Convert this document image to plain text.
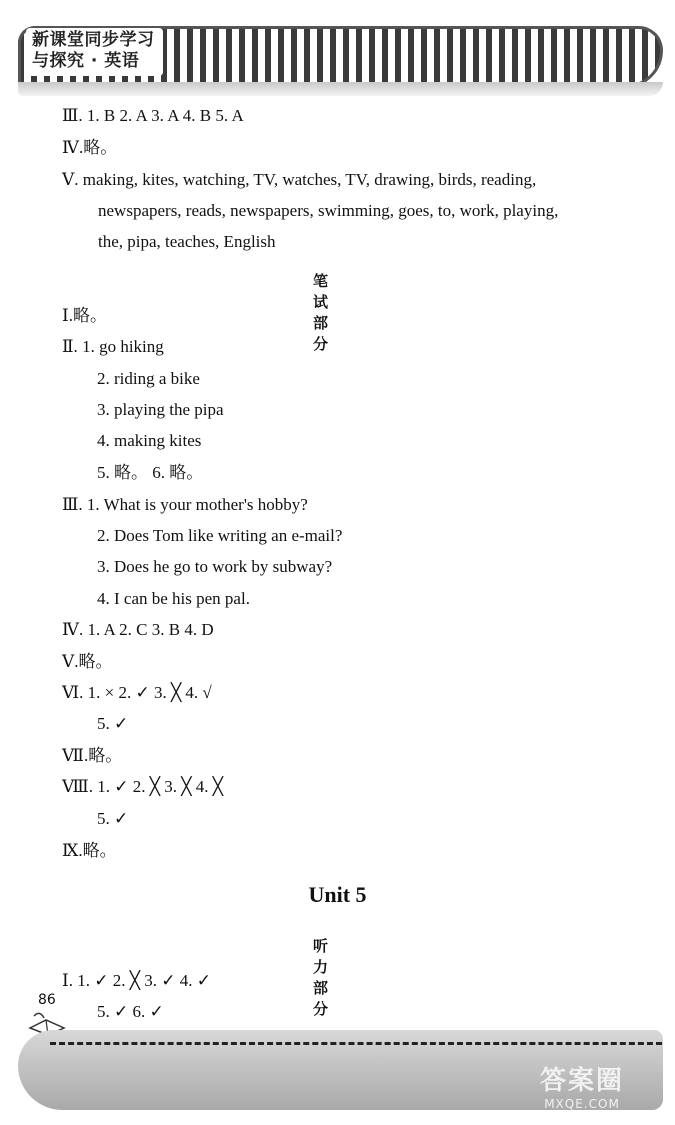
新课堂同步学习
与探究 · 英语
Ⅲ. 1. B 2. A 3. A 4. B 5. A
Ⅳ.略。
Ⅴ. making, kites, watching, TV, watches, TV, drawing, birds, reading,
newspapers, reads, newspapers, swimming, goes, to, work, playing,
the, pipa, teaches, English
笔试部分
Ⅰ.略。
Ⅱ. 1. go hiking
2. riding a bike
3. playing the pipa
4. making kites
5. 略。 6. 略。
Ⅲ. 1. What is your mother's hobby?
2. Does Tom like writing an e-mail?
3. Does he go to work by subway?
4. I can be his pen pal.
Ⅳ. 1. A 2. C 3. B 4. D
Ⅴ.略。
Ⅵ. 1. × 2. ✓ 3. ╳ 4. √
5. ✓
Ⅶ.略。
Ⅷ. 1. ✓ 2. ╳ 3. ╳ 4. ╳
5. ✓
Ⅸ.略。
Unit 5
听力部分
Ⅰ. 1. ✓ 2. ╳ 3. ✓ 4. ✓
5. ✓ 6. ✓
86
答案圈
MXQE.COM
